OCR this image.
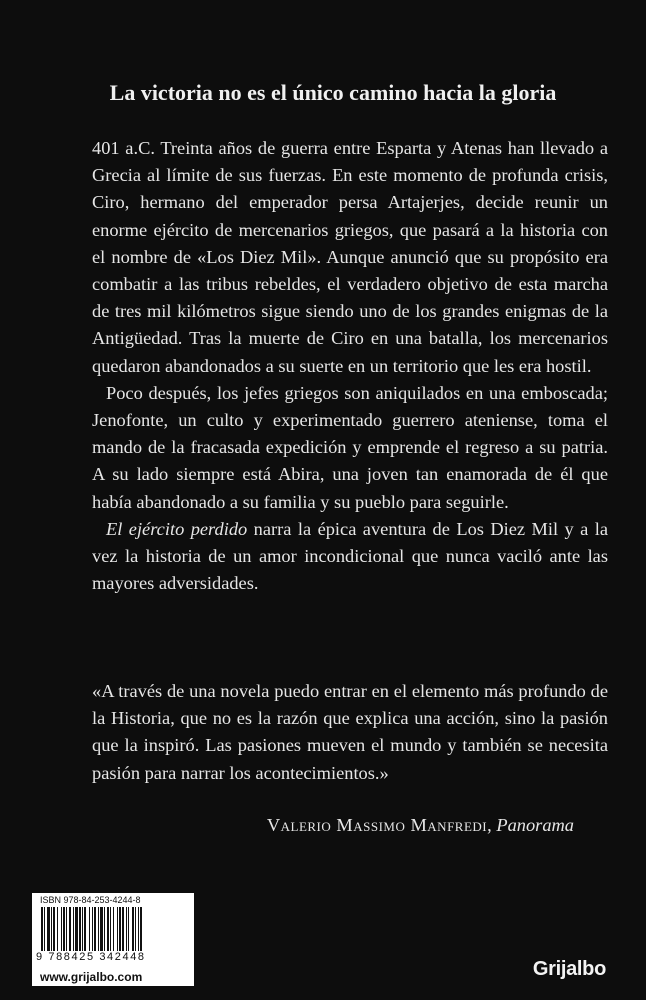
La victoria no es el único camino hacia la gloria

401 a.C. Treinta años de guerra entre Esparta y Atenas han llevado a Grecia al límite de sus fuerzas. En este momento de profunda crisis, Ciro, hermano del emperador persa Artajerjes, decide reunir un enorme ejército de mercenarios griegos, que pasará a la historia con el nombre de «Los Diez Mil». Aunque anunció que su propósito era combatir a las tribus rebeldes, el verdadero objetivo de esta marcha de tres mil kilómetros sigue siendo uno de los grandes enigmas de la Antigüedad. Tras la muerte de Ciro en una batalla, los mercenarios quedaron abandonados a su suerte en un territorio que les era hostil.

Poco después, los jefes griegos son aniquilados en una emboscada; Jenofonte, un culto y experimentado guerrero ateniense, toma el mando de la fracasada expedición y emprende el regreso a su patria. A su lado siempre está Abira, una joven tan enamorada de él que había abandonado a su familia y su pueblo para seguirle.

El ejército perdido narra la épica aventura de Los Diez Mil y a la vez la historia de un amor incondicional que nunca vaciló ante las mayores adversidades.

«A través de una novela puedo entrar en el elemento más profundo de la Historia, que no es la razón que explica una acción, sino la pasión que la inspiró. Las pasiones mueven el mundo y también se necesita pasión para narrar los acontecimientos.»
Valerio Massimo Manfredi, Panorama
ISBN 978-84-253-4244-8
9 788425 342448
www.grijalbo.com	Grijalbo
